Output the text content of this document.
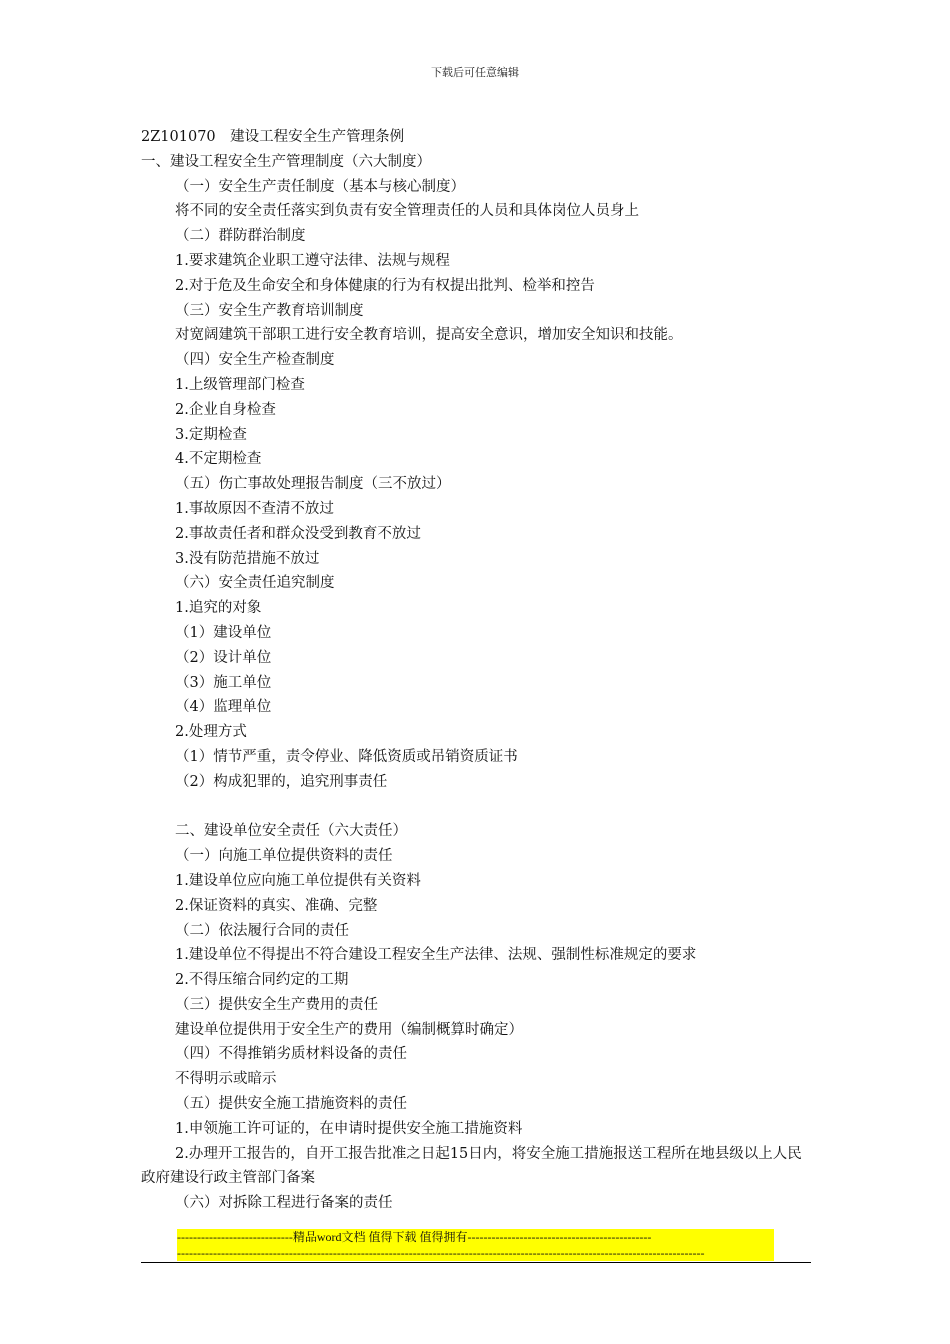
下载后可任意编辑
2Z101070　建设工程安全生产管理条例
一、建设工程安全生产管理制度（六大制度）
（一）安全生产责任制度（基本与核心制度）
将不同的安全责任落实到负责有安全管理责任的人员和具体岗位人员身上
（二）群防群治制度
1.要求建筑企业职工遵守法律、法规与规程
2.对于危及生命安全和身体健康的行为有权提出批判、检举和控告
（三）安全生产教育培训制度
对宽阔建筑干部职工进行安全教育培训，提高安全意识，增加安全知识和技能。
（四）安全生产检查制度
1.上级管理部门检查
2.企业自身检查
3.定期检查
4.不定期检查
（五）伤亡事故处理报告制度（三不放过）
1.事故原因不查清不放过
2.事故责任者和群众没受到教育不放过
3.没有防范措施不放过
（六）安全责任追究制度
1.追究的对象
（1）建设单位
（2）设计单位
（3）施工单位
（4）监理单位
2.处理方式
（1）情节严重，责令停业、降低资质或吊销资质证书
（2）构成犯罪的，追究刑事责任
二、建设单位安全责任（六大责任）
（一）向施工单位提供资料的责任
1.建设单位应向施工单位提供有关资料
2.保证资料的真实、准确、完整
（二）依法履行合同的责任
1.建设单位不得提出不符合建设工程安全生产法律、法规、强制性标准规定的要求
2.不得压缩合同约定的工期
（三）提供安全生产费用的责任
建设单位提供用于安全生产的费用（编制概算时确定）
（四）不得推销劣质材料设备的责任
不得明示或暗示
（五）提供安全施工措施资料的责任
1.申领施工许可证的，在申请时提供安全施工措施资料
2.办理开工报告的，自开工报告批准之日起15日内，将安全施工措施报送工程所在地县级以上人民政府建设行政主管部门备案
（六）对拆除工程进行备案的责任
-----------------------------精品word文档 值得下载 值得拥有----------------------------------------------
------------------------------------------------------------------------------------------------------------------------------------
